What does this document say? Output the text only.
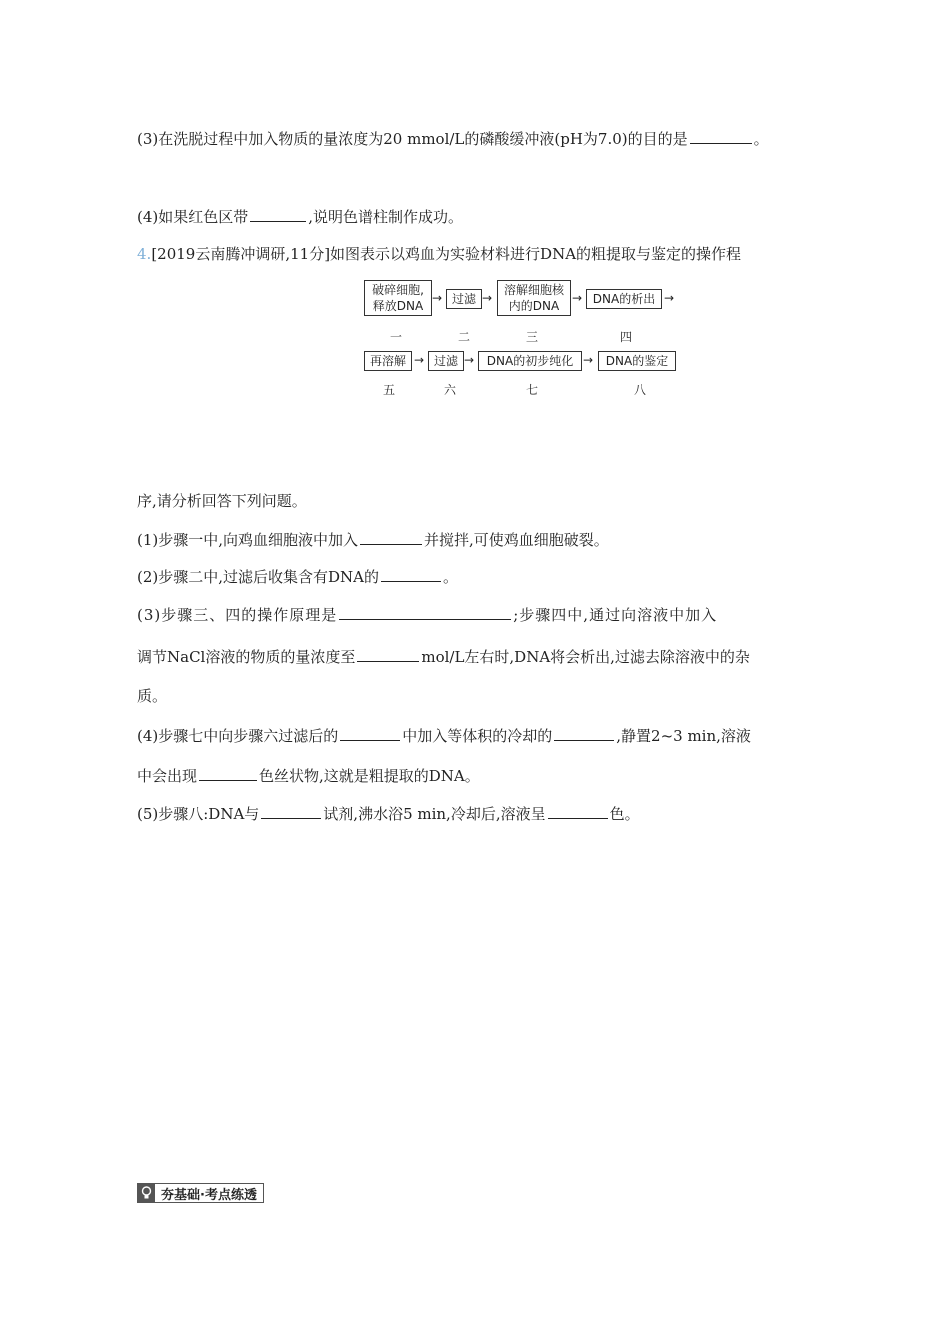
(3)在洗脱过程中加入物质的量浓度为20 mmol/L的磷酸缓冲液(pH为7.0)的目的是	。
(4)如果红色区带	,说明色谱柱制作成功。
4.[2019云南腾冲调研,11分]如图表示以鸡血为实验材料进行DNA的粗提取与鉴定的操作程
破碎细胞,
释放DNA
→ 过滤 →
溶解细胞核
内的DNA
→ DNA的析出 →
一	二	三	四
再溶解 → 过滤 →	DNA的初步纯化 →	DNA的鉴定
五	六	七	八
序,请分析回答下列问题。
(1)步骤一中,向鸡血细胞液中加入	并搅拌,可使鸡血细胞破裂。
(2)步骤二中,过滤后收集含有DNA的	。
(3)步骤三、四的操作原理是	;步骤四中,通过向溶液中加入
调节NaCl溶液的物质的量浓度至	mol/L左右时,DNA将会析出,过滤去除溶液中的杂
质。
(4)步骤七中向步骤六过滤后的	中加入等体积的冷却的	,静置2~3 min,溶液
中会出现	色丝状物,这就是粗提取的DNA。
(5)步骤八:DNA与	试剂,沸水浴5 min,冷却后,溶液呈	色。
夯基础·考点练透
